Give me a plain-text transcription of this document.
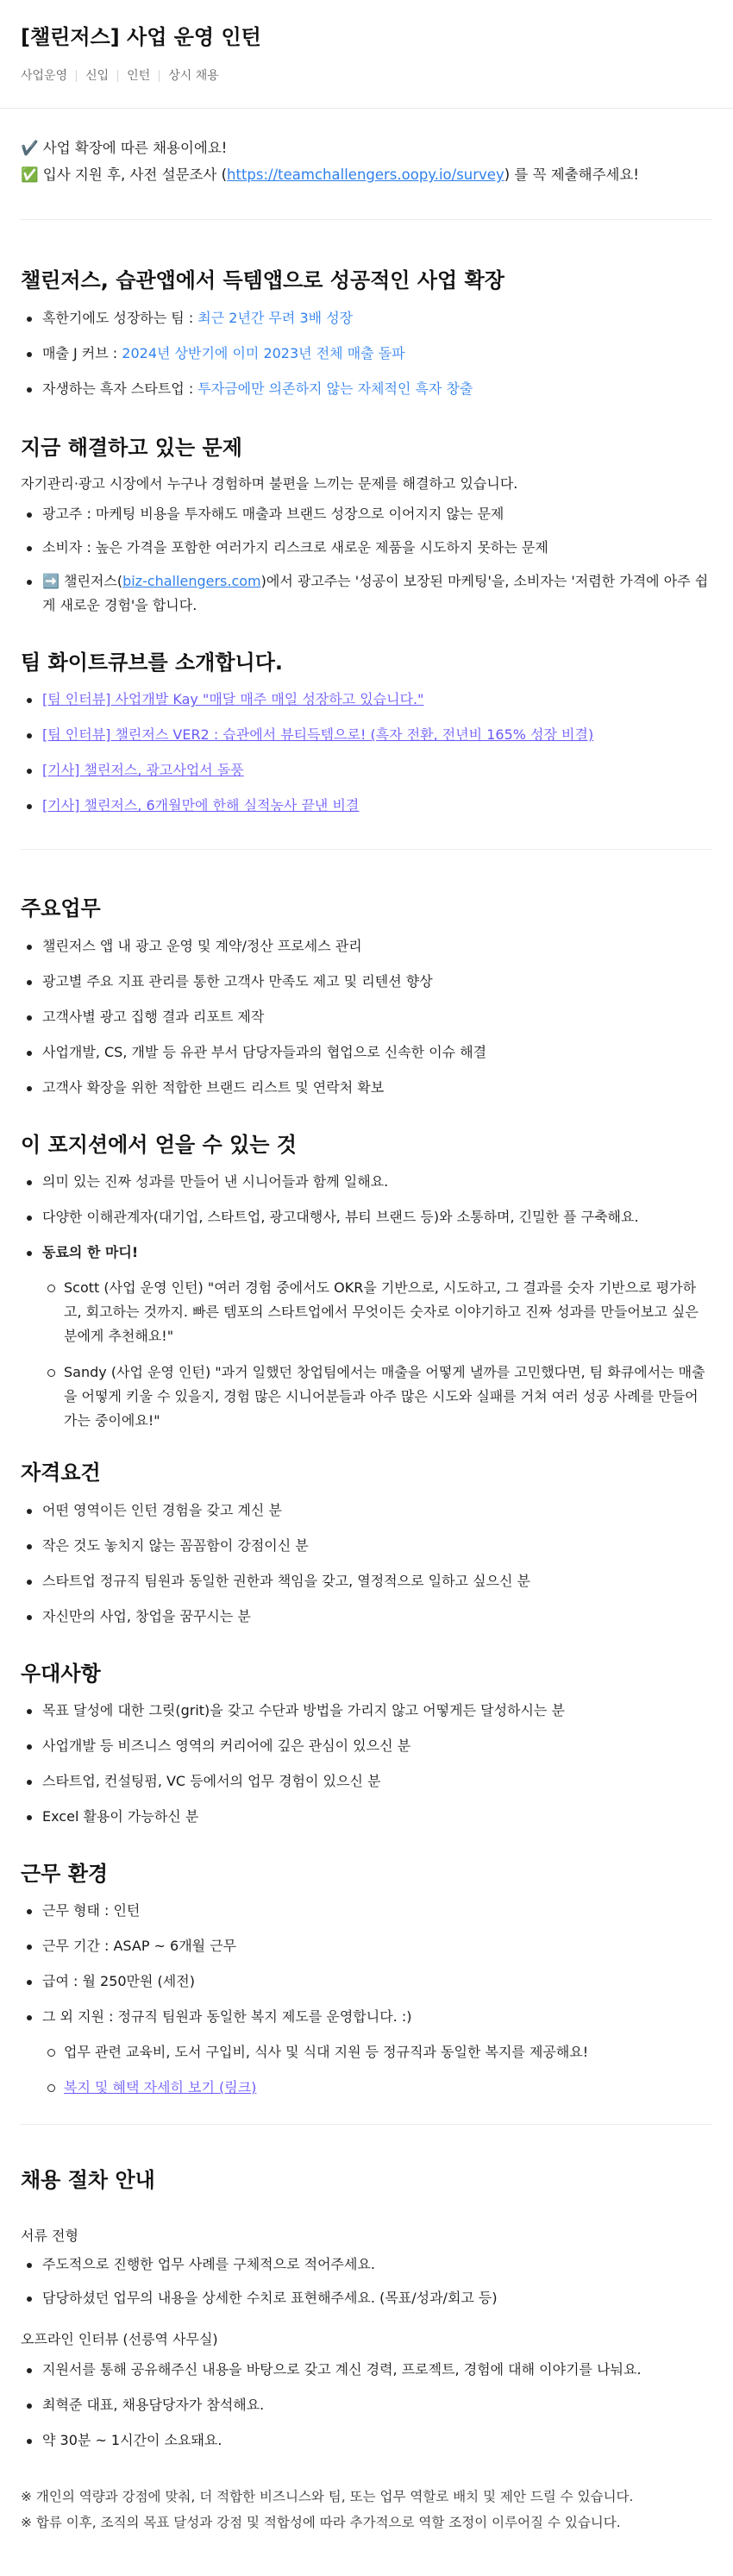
[챌린저스] 사업 운영 인턴
사업운영	신입	인턴	상시 채용

✔️ 사업 확장에 따른 채용이에요!

✅ 입사 지원 후, 사전 설문조사 (https://teamchallengers.oopy.io/survey) 를 꼭 제출해주세요!

챌린저스, 습관앱에서 득템앱으로 성공적인 사업 확장
혹한기에도 성장하는 팀 : 최근 2년간 무려 3배 성장
매출 J 커브 : 2024년 상반기에 이미 2023년 전체 매출 돌파
자생하는 흑자 스타트업 : 투자금에만 의존하지 않는 자체적인 흑자 창출
지금 해결하고 있는 문제

자기관리·광고 시장에서 누구나 경험하며 불편을 느끼는 문제를 해결하고 있습니다.

광고주 : 마케팅 비용을 투자해도 매출과 브랜드 성장으로 이어지지 않는 문제
소비자 : 높은 가격을 포함한 여러가지 리스크로 새로운 제품을 시도하지 못하는 문제
➡️ 챌린저스(biz-challengers.com)에서 광고주는 '성공이 보장된 마케팅'을, 소비자는 '저렴한 가격에 아주 쉽게 새로운 경험'을 합니다.
팀 화이트큐브를 소개합니다.
[팀 인터뷰] 사업개발 Kay "매달 매주 매일 성장하고 있습니다."
[팀 인터뷰] 챌린저스 VER2 : 습관에서 뷰티득템으로! (흑자 전환, 전년비 165% 성장 비결)
[기사] 챌린저스, 광고사업서 돌풍
[기사] 챌린저스, 6개월만에 한해 실적농사 끝낸 비결
주요업무
챌린저스 앱 내 광고 운영 및 계약/정산 프로세스 관리
광고별 주요 지표 관리를 통한 고객사 만족도 제고 및 리텐션 향상
고객사별 광고 집행 결과 리포트 제작
사업개발, CS, 개발 등 유관 부서 담당자들과의 협업으로 신속한 이슈 해결
고객사 확장을 위한 적합한 브랜드 리스트 및 연락처 확보
이 포지션에서 얻을 수 있는 것
의미 있는 진짜 성과를 만들어 낸 시니어들과 함께 일해요.
다양한 이해관계자(대기업, 스타트업, 광고대행사, 뷰티 브랜드 등)와 소통하며, 긴밀한 플 구축해요.
동료의 한 마디!
Scott (사업 운영 인턴) "여러 경험 중에서도 OKR을 기반으로, 시도하고, 그 결과를 숫자 기반으로 평가하고, 회고하는 것까지. 빠른 템포의 스타트업에서 무엇이든 숫자로 이야기하고 진짜 성과를 만들어보고 싶은 분에게 추천해요!"
Sandy (사업 운영 인턴) "과거 일했던 창업팀에서는 매출을 어떻게 낼까를 고민했다면, 팀 화큐에서는 매출을 어떻게 키울 수 있을지, 경험 많은 시니어분들과 아주 많은 시도와 실패를 거쳐 여러 성공 사례를 만들어 가는 중이에요!"
자격요건
어떤 영역이든 인턴 경험을 갖고 계신 분
작은 것도 놓치지 않는 꼼꼼함이 강점이신 분
스타트업 정규직 팀원과 동일한 권한과 책임을 갖고, 열정적으로 일하고 싶으신 분
자신만의 사업, 창업을 꿈꾸시는 분
우대사항
목표 달성에 대한 그릿(grit)을 갖고 수단과 방법을 가리지 않고 어떻게든 달성하시는 분
사업개발 등 비즈니스 영역의 커리어에 깊은 관심이 있으신 분
스타트업, 컨설팅펌, VC 등에서의 업무 경험이 있으신 분
Excel 활용이 가능하신 분
근무 환경
근무 형태 : 인턴
근무 기간 : ASAP ~ 6개월 근무
급여 : 월 250만원 (세전)
그 외 지원 : 정규직 팀원과 동일한 복지 제도를 운영합니다. :)
업무 관련 교육비, 도서 구입비, 식사 및 식대 지원 등 정규직과 동일한 복지를 제공해요!
복지 및 혜택 자세히 보기 (링크)
채용 절차 안내

서류 전형

주도적으로 진행한 업무 사례를 구체적으로 적어주세요.
담당하셨던 업무의 내용을 상세한 수치로 표현해주세요. (목표/성과/회고 등)

오프라인 인터뷰 (선릉역 사무실)

지원서를 통해 공유해주신 내용을 바탕으로 갖고 계신 경력, 프로젝트, 경험에 대해 이야기를 나눠요.
최혁준 대표, 채용담당자가 참석해요.
약 30분 ~ 1시간이 소요돼요.

※ 개인의 역량과 강점에 맞춰, 더 적합한 비즈니스와 팀, 또는 업무 역할로 배치 및 제안 드릴 수 있습니다.

※ 합류 이후, 조직의 목표 달성과 강점 및 적합성에 따라 추가적으로 역할 조정이 이루어질 수 있습니다.
